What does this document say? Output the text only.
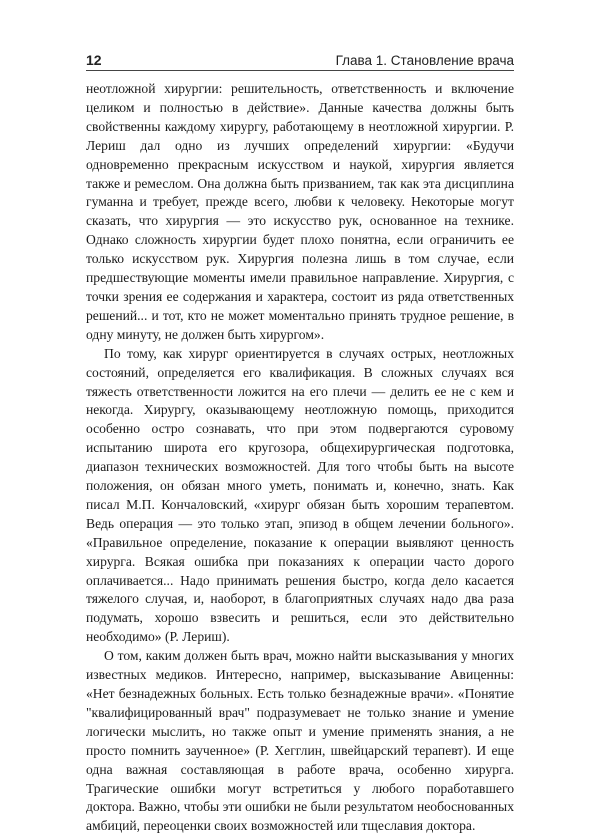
12	Глава 1. Становление врача

неотложной хирургии: решительность, ответственность и включение целиком и полностью в действие». Данные качества должны быть свойственны каждому хирургу, работающему в неотложной хирургии. Р. Лериш дал одно из лучших определений хирургии: «Будучи одновременно прекрасным искусством и наукой, хирургия является также и ремеслом. Она должна быть призванием, так как эта дисциплина гуманна и требует, прежде всего, любви к человеку. Некоторые могут сказать, что хирургия — это искусство рук, основанное на технике. Однако сложность хирургии будет плохо понятна, если ограничить ее только искусством рук. Хирургия полезна лишь в том случае, если предшествующие моменты имели правильное направление. Хирургия, с точки зрения ее содержания и характера, состоит из ряда ответственных решений... и тот, кто не может моментально принять трудное решение, в одну минуту, не должен быть хирургом».

По тому, как хирург ориентируется в случаях острых, неотложных состояний, определяется его квалификация. В сложных случаях вся тяжесть ответственности ложится на его плечи — делить ее не с кем и некогда. Хирургу, оказывающему неотложную помощь, приходится особенно остро сознавать, что при этом подвергаются суровому испытанию широта его кругозора, общехирургическая подготовка, диапазон технических возможностей. Для того чтобы быть на высоте положения, он обязан много уметь, понимать и, конечно, знать. Как писал М.П. Кончаловский, «хирург обязан быть хорошим терапевтом. Ведь операция — это только этап, эпизод в общем лечении больного». «Правильное определение, показание к операции выявляют ценность хирурга. Всякая ошибка при показаниях к операции часто дорого оплачивается... Надо принимать решения быстро, когда дело касается тяжелого случая, и, наоборот, в благоприятных случаях надо два раза подумать, хорошо взвесить и решиться, если это действительно необходимо» (Р. Лериш).

О том, каким должен быть врач, можно найти высказывания у многих известных медиков. Интересно, например, высказывание Авиценны: «Нет безнадежных больных. Есть только безнадежные врачи». «Понятие "квалифицированный врач" подразумевает не только знание и умение логически мыслить, но также опыт и умение применять знания, а не просто помнить заученное» (Р. Хегглин, швейцарский терапевт). И еще одна важная составляющая в работе врача, особенно хирурга. Трагические ошибки могут встретиться у любого поработавшего доктора. Важно, чтобы эти ошибки не были результатом необоснованных амбиций, переоценки своих возможностей или тщеславия доктора.
